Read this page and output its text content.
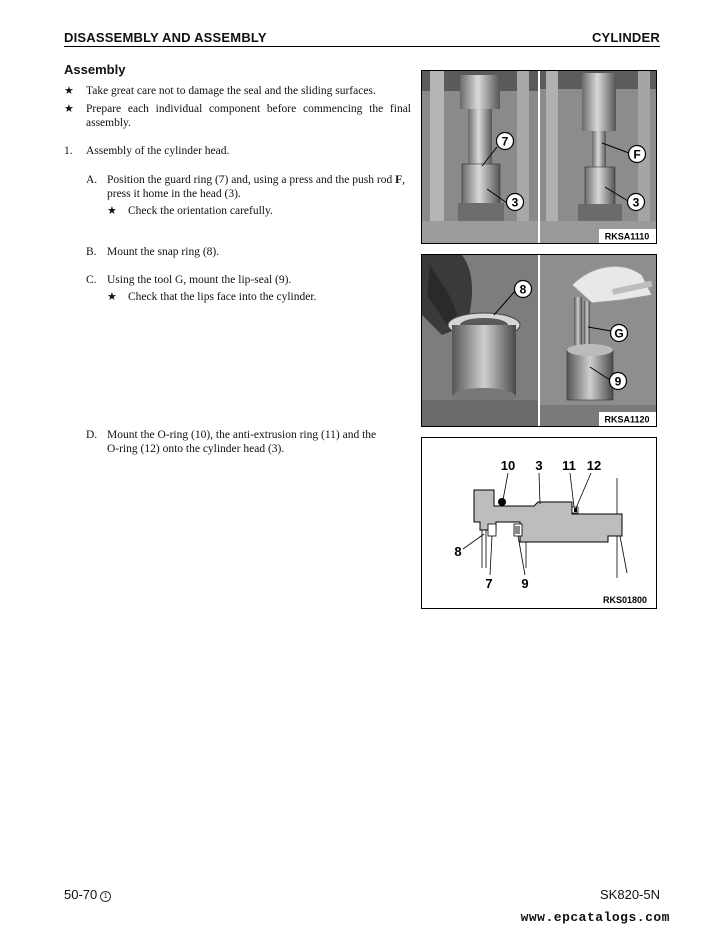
DISASSEMBLY AND ASSEMBLY	CYLINDER
Assembly
★ Take great care not to damage the seal and the sliding surfaces.
★ Prepare each individual component before commencing the final assembly.
1. Assembly of the cylinder head.
A. Position the guard ring (7) and, using a press and the push rod F,
press it home in the head (3).
★ Check the orientation carefully.
B. Mount the snap ring (8).
C. Using the tool G, mount the lip-seal (9).
★ Check that the lips face into the cylinder.
D. Mount the O-ring (10), the anti-extrusion ring (11) and the
O-ring (12) onto the cylinder head (3).
7
3
F
3
RKSA1110
8
G
9
RKSA1120
10 3 11 12
8
7 9
RKS01800
50-70 1	SK820-5N
www.epcatalogs.com
